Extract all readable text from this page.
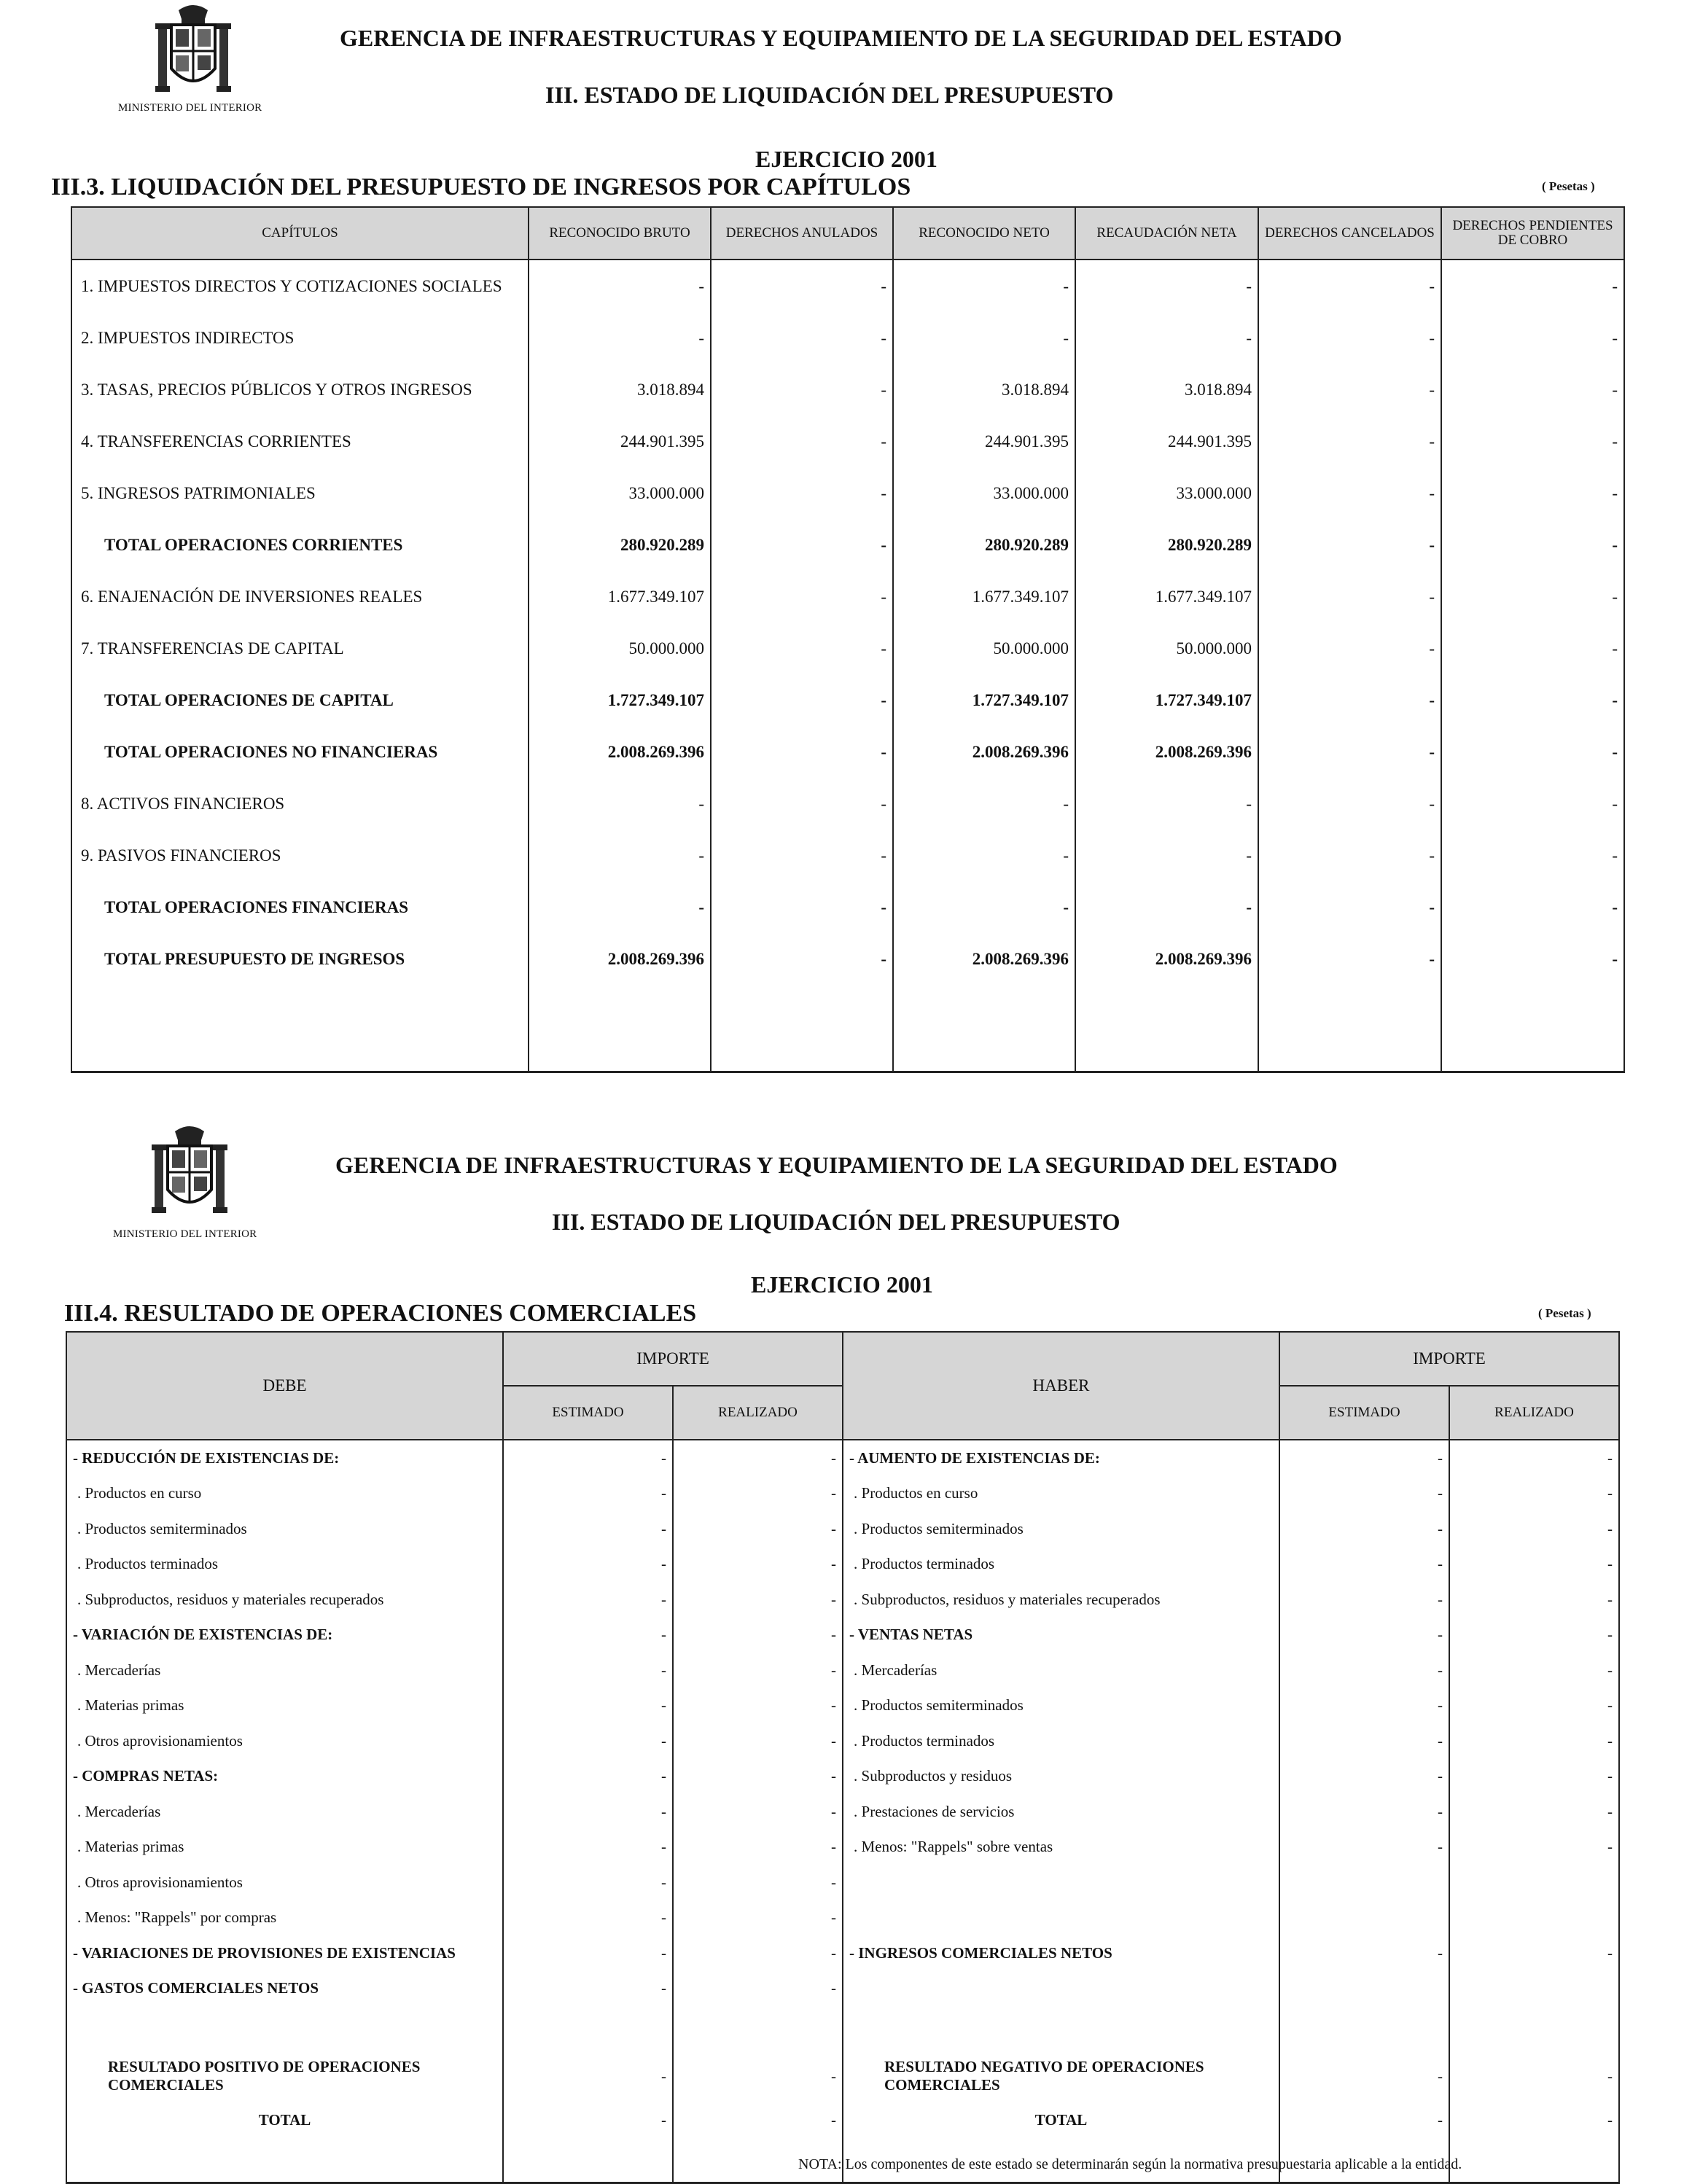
MINISTERIO DEL INTERIOR
GERENCIA DE INFRAESTRUCTURAS Y EQUIPAMIENTO DE LA SEGURIDAD DEL ESTADO
III. ESTADO DE LIQUIDACIÓN DEL PRESUPUESTO
EJERCICIO 2001
III.3. LIQUIDACIÓN DEL PRESUPUESTO DE INGRESOS POR CAPÍTULOS	( Pesetas )
CAPÍTULOS	RECONOCIDO BRUTO	DERECHOS ANULADOS	RECONOCIDO NETO	RECAUDACIÓN NETA	DERECHOS CANCELADOS	DERECHOS PENDIENTES DE COBRO
1. IMPUESTOS DIRECTOS Y COTIZACIONES SOCIALES	-	-	-	-	-	-
2. IMPUESTOS INDIRECTOS	-	-	-	-	-	-
3. TASAS, PRECIOS PÚBLICOS Y OTROS INGRESOS	3.018.894	-	3.018.894	3.018.894	-	-
4. TRANSFERENCIAS CORRIENTES	244.901.395	-	244.901.395	244.901.395	-	-
5. INGRESOS PATRIMONIALES	33.000.000	-	33.000.000	33.000.000	-	-
TOTAL OPERACIONES CORRIENTES	280.920.289	-	280.920.289	280.920.289	-	-
6. ENAJENACIÓN DE INVERSIONES REALES	1.677.349.107	-	1.677.349.107	1.677.349.107	-	-
7. TRANSFERENCIAS DE CAPITAL	50.000.000	-	50.000.000	50.000.000	-	-
TOTAL OPERACIONES DE CAPITAL	1.727.349.107	-	1.727.349.107	1.727.349.107	-	-
TOTAL OPERACIONES NO FINANCIERAS	2.008.269.396	-	2.008.269.396	2.008.269.396	-	-
8. ACTIVOS FINANCIEROS	-	-	-	-	-	-
9. PASIVOS FINANCIEROS	-	-	-	-	-	-
TOTAL OPERACIONES FINANCIERAS	-	-	-	-	-	-
TOTAL PRESUPUESTO DE INGRESOS	2.008.269.396	-	2.008.269.396	2.008.269.396	-	-

MINISTERIO DEL INTERIOR
GERENCIA DE INFRAESTRUCTURAS Y EQUIPAMIENTO DE LA SEGURIDAD DEL ESTADO
III. ESTADO DE LIQUIDACIÓN DEL PRESUPUESTO
EJERCICIO 2001
III.4. RESULTADO DE OPERACIONES COMERCIALES	( Pesetas )
DEBE	IMPORTE		HABER	IMPORTE	
	ESTIMADO	REALIZADO		ESTIMADO	REALIZADO
- REDUCCIÓN DE EXISTENCIAS DE:	-	-	- AUMENTO DE EXISTENCIAS DE:	-	-
. Productos en curso	-	-	. Productos en curso	-	-
. Productos semiterminados	-	-	. Productos semiterminados	-	-
. Productos terminados	-	-	. Productos terminados	-	-
. Subproductos, residuos y materiales recuperados	-	-	. Subproductos, residuos y materiales recuperados	-	-
- VARIACIÓN DE EXISTENCIAS DE:	-	-	- VENTAS NETAS	-	-
. Mercaderías	-	-	. Mercaderías	-	-
. Materias primas	-	-	. Productos semiterminados	-	-
. Otros aprovisionamientos	-	-	. Productos terminados	-	-
- COMPRAS NETAS:	-	-	. Subproductos y residuos	-	-
. Mercaderías	-	-	. Prestaciones de servicios	-	-
. Materias primas	-	-	. Menos: "Rappels" sobre ventas	-	-
. Otros aprovisionamientos	-	-			
. Menos: "Rappels" por compras	-	-			
- VARIACIONES DE PROVISIONES DE EXISTENCIAS	-	-	- INGRESOS COMERCIALES NETOS	-	-
- GASTOS COMERCIALES NETOS	-	-			

RESULTADO POSITIVO DE OPERACIONES COMERCIALES	-	-	RESULTADO NEGATIVO DE OPERACIONES COMERCIALES	-	-
TOTAL	-	-	TOTAL	-	-

NOTA: Los componentes de este estado se determinarán según la normativa presupuestaria aplicable a la entidad.
